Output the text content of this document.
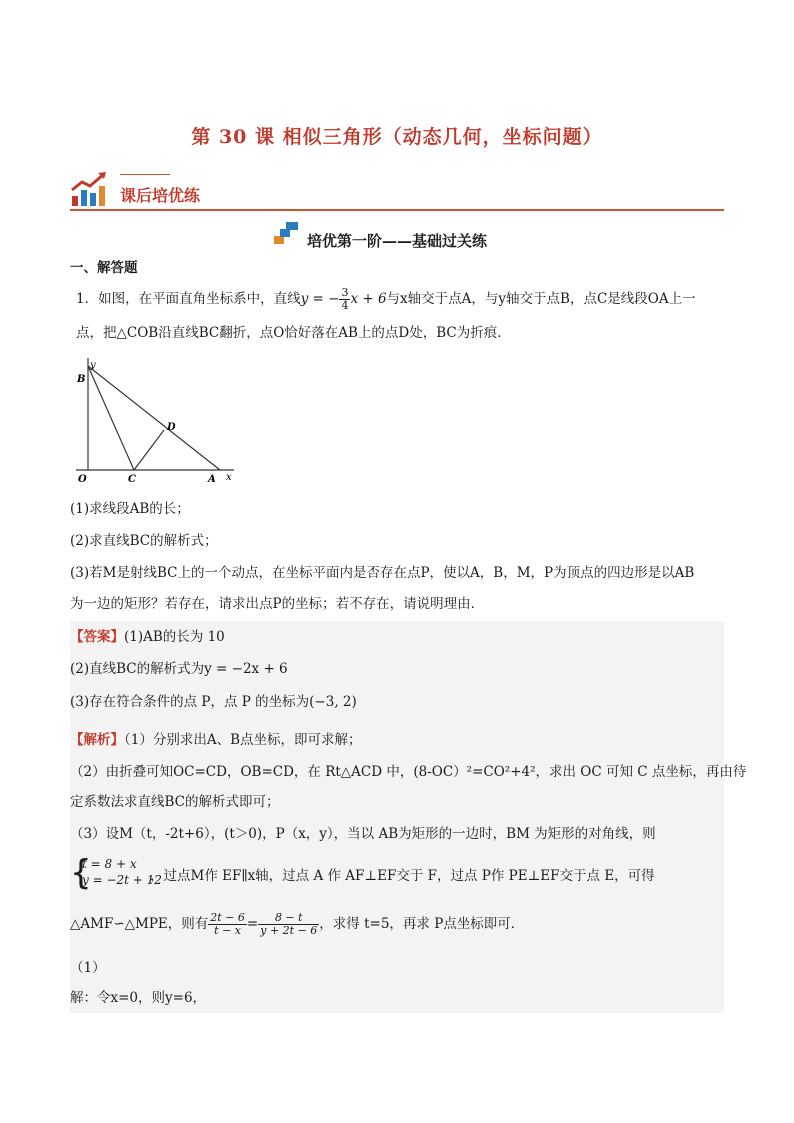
第 30 课 相似三角形（动态几何，坐标问题）
课后培优练
培优第一阶——基础过关练
一、解答题
1．如图，在平面直角坐标系中，直线y = − $\frac{3}{4}$ x + 6与x轴交于点A，与y轴交于点B，点C是线段OA上一
点，把△COB沿直线BC翻折，点O恰好落在AB上的点D处，BC为折痕．
y
B
D
O	C	A x
(1)求线段AB的长；
(2)求直线BC的解析式；
(3)若M是射线BC上的一个动点，在坐标平面内是否存在点P，使以A，B，M，P为顶点的四边形是以AB
为一边的矩形？若存在，请求出点P的坐标；若不存在，请说明理由．
【答案】(1)AB的长为 10
(2)直线BC的解析式为y = −2x + 6
(3)存在符合条件的点 P，点 P 的坐标为(−3, 2)
【解析】（1）分别求出A、B点坐标，即可求解；
（2）由折叠可知OC=CD，OB=CD，在 Rt△ACD 中，(8-OC）²=CO²+4²，求出 OC 可知 C 点坐标，再由待
定系数法求直线BC的解析式即可；
（3）设M（t，-2t+6），(t＞0)，P（x，y），当以 AB为矩形的一边时，BM 为矩形的对角线，则
{
t = 8 + x
y = −2t + 12
，过点M作 EF∥x轴，过点 A 作 AF⊥EF交于 F，过点 P作 PE⊥EF交于点 E，可得
△AMF∽△MPE，则有 $\frac{2t - 6}{t - x} = \frac{8 - t}{y + 2t - 6}$ ，求得 t=5，再求 P点坐标即可．
（1）
解：令x=0，则y=6，
